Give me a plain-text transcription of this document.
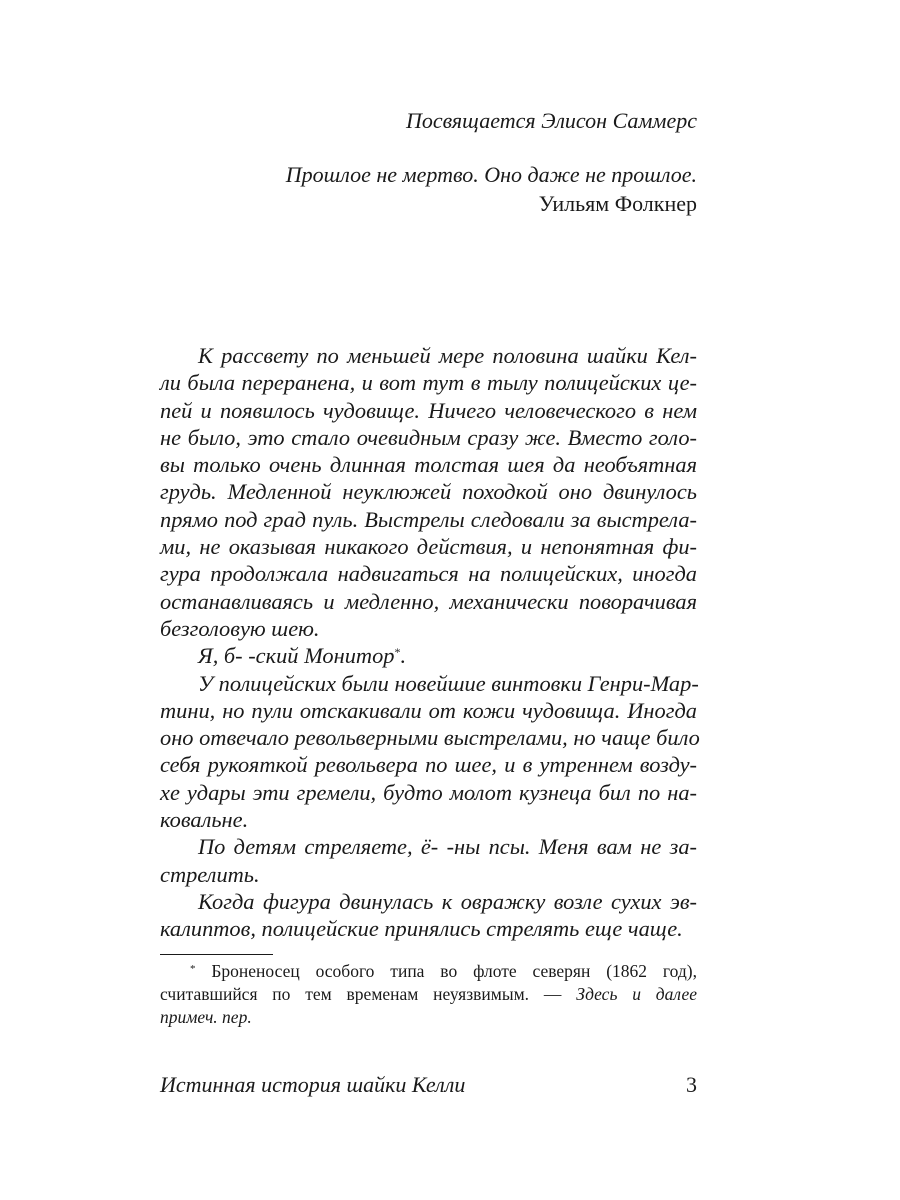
Посвящается Элисон Саммерс
Прошлое не мертво. Оно даже не прошлое.
Уильям Фолкнер
К рассвету по меньшей мере половина шайки Кел-
ли была переранена, и вот тут в тылу полицейских це-
пей и появилось чудовище. Ничего человеческого в нем
не было, это стало очевидным сразу же. Вместо голо-
вы только очень длинная толстая шея да необъятная
грудь. Медленной неуклюжей походкой оно двинулось
прямо под град пуль. Выстрелы следовали за выстрела-
ми, не оказывая никакого действия, и непонятная фи-
гура продолжала надвигаться на полицейских, иногда
останавливаясь и медленно, механически поворачивая
безголовую шею.
Я, б- -ский Монитор*.
У полицейских были новейшие винтовки Генри-Мар-
тини, но пули отскакивали от кожи чудовища. Иногда
оно отвечало револьверными выстрелами, но чаще било
себя рукояткой револьвера по шее, и в утреннем возду-
хе удары эти гремели, будто молот кузнеца бил по на-
ковальне.
По детям стреляете, ё- -ны псы. Меня вам не за-
стрелить.
Когда фигура двинулась к овражку возле сухих эв-
калиптов, полицейские принялись стрелять еще чаще.
* Броненосец особого типа во флоте северян (1862 год),
считавшийся по тем временам неуязвимым. — Здесь и далее
примеч. пер.
Истинная история шайки Келли	3
